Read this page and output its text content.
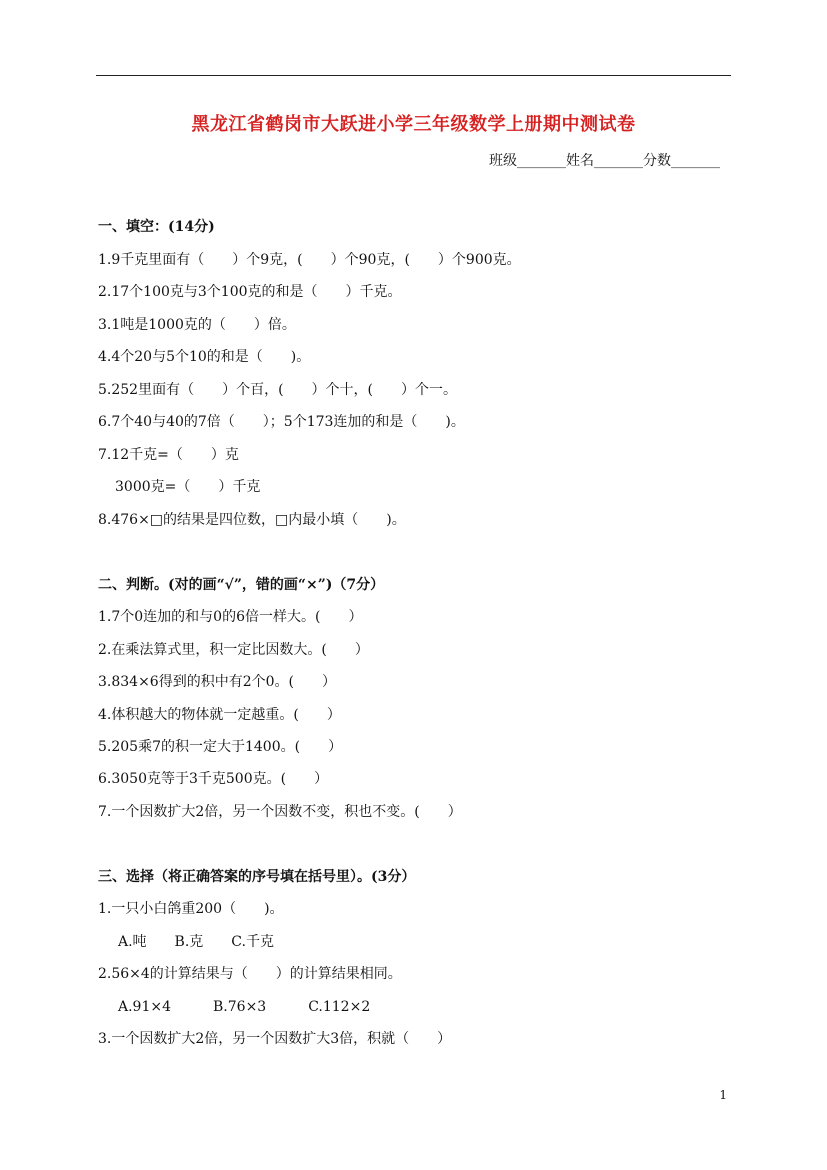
黑龙江省鹤岗市大跃进小学三年级数学上册期中测试卷
班级_______姓名_______分数_______
一、填空：(14分)
1.9千克里面有（　　）个9克，(　　）个90克，(　　）个900克。
2.17个100克与3个100克的和是（　　）千克。
3.1吨是1000克的（　　）倍。
4.4个20与5个10的和是（　　)。
5.252里面有（　　）个百，(　　）个十，(　　）个一。
6.7个40与40的7倍（　　）；5个173连加的和是（　　)。
7.12千克=（　　）克
3000克=（　　）千克
8.476×□的结果是四位数，□内最小填（　　)。
二、判断。(对的画“√”，错的画“×”)（7分）
1.7个0连加的和与0的6倍一样大。(　　）
2.在乘法算式里，积一定比因数大。(　　）
3.834×6得到的积中有2个0。(　　）
4.体积越大的物体就一定越重。(　　）
5.205乘7的积一定大于1400。(　　）
6.3050克等于3千克500克。(　　）
7.一个因数扩大2倍，另一个因数不变，积也不变。(　　）
三、选择（将正确答案的序号填在括号里）。(3分）
1.一只小白鸽重200（　　)。
A.吨　　B.克　　C.千克
2.56×4的计算结果与（　　）的计算结果相同。
A.91×4　　　B.76×3　　　C.112×2
3.一个因数扩大2倍，另一个因数扩大3倍，积就（　　）
1
